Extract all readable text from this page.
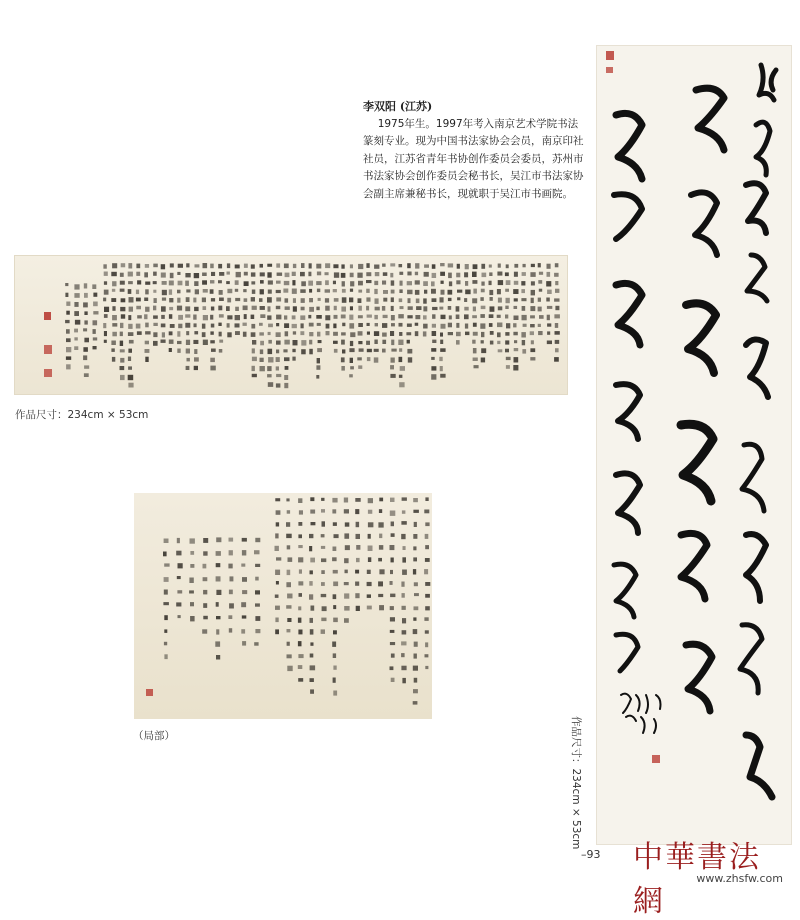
李双阳 (江苏)

1975年生。1997年考入南京艺术学院书法篆刻专业。现为中国书法家协会会员，南京印社社员，江苏省青年书协创作委员会委员，苏州市书法家协会创作委员会秘书长，吴江市书法家协会副主席兼秘书长，现就职于吴江市书画院。

作品尺寸：234cm × 53cm
（局部）	作品尺寸：234cm × 53cm
–93 中華書法網
www.zhsfw.com
